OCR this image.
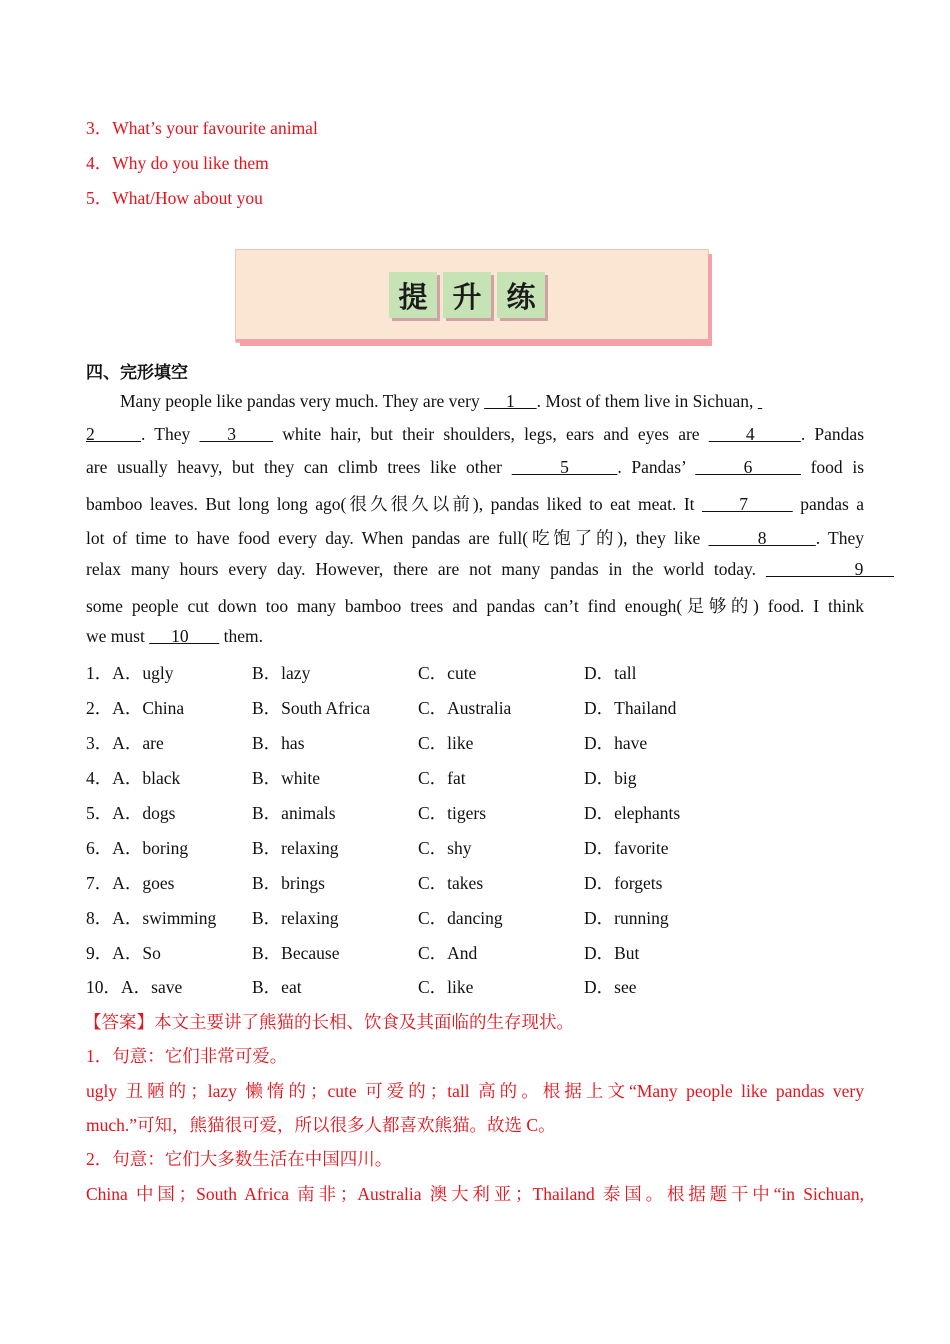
3．What’s your favourite animal
4．Why do you like them
5．What/How about you
提 升 练
四、完形填空
Many people like pandas very much. They are very      1     . Most of them live in Sichuan,
2     . They    3     white hair, but their shoulders, legs, ears and eyes are     4     . Pandas
are usually heavy, but they can climb trees like other      5     . Pandas’      6      food is
bamboo leaves. But long long ago(很久很久以前), pandas liked to eat meat. It      7       pandas a
lot of time to have food every day. When pandas are full(吃饱了的), they like       8      . They
relax many hours every day. However, there are not many pandas in the world today.          9
some people cut down too many bamboo trees and pandas can’t find enough(足够的) food. I think
we must      10        them.
1．A．ugly	B．lazy	C．cute	D．tall
2．A．China	B．South Africa	C．Australia	D．Thailand
3．A．are	B．has	C．like	D．have
4．A．black	B．white	C．fat	D．big
5．A．dogs	B．animals	C．tigers	D．elephants
6．A．boring	B．relaxing	C．shy	D．favorite
7．A．goes	B．brings	C．takes	D．forgets
8．A．swimming B．relaxing	C．dancing	D．running
9．A．So	B．Because	C．And	D．But
10．A．save	B．eat	C．like	D．see
【答案】本文主要讲了熊猫的长相、饮食及其面临的生存现状。
1．句意：它们非常可爱。
ugly 丑陋的；lazy 懒惰的；cute 可爱的；tall 高的。根据上文“Many people like pandas very
much.”可知，熊猫很可爱，所以很多人都喜欢熊猫。故选 C。
2．句意：它们大多数生活在中国四川。
China 中国；South Africa 南非；Australia 澳大利亚；Thailand 泰国。根据题干中“in Sichuan,
